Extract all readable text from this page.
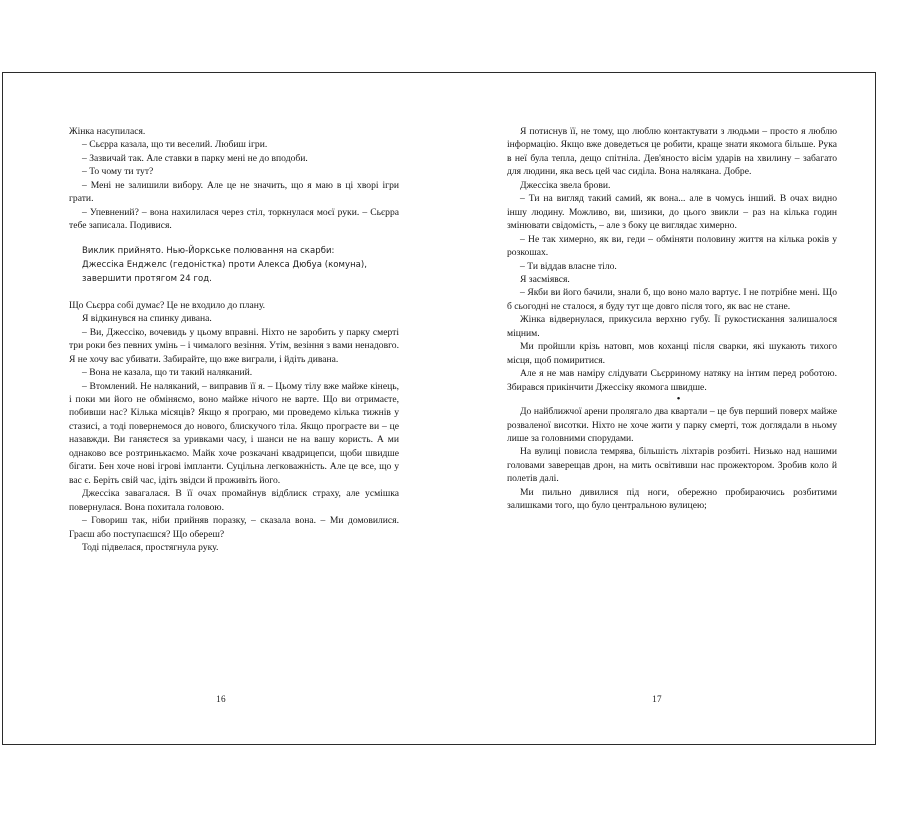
Жінка насупилася.

– Сьєрра казала, що ти веселий. Любиш ігри.

– Зазвичай так. Але ставки в парку мені не до вподоби.

– То чому ти тут?

– Мені не залишили вибору. Але це не значить, що я маю в ці хворі ігри грати.

– Упевнений? – вона нахилилася через стіл, торкнулася моєї руки. – Сьєрра тебе записала. Подивися.

Виклик прийнято. Нью-Йоркське полювання на скарби:
Джессіка Енджелс (гедоністка) проти Алекса Дюбуа (комуна),
завершити протягом 24 год.

Що Сьєрра собі думає? Це не входило до плану.

Я відкинувся на спинку дивана.

– Ви, Джессіко, вочевидь у цьому вправні. Ніхто не заробить у парку смерті три роки без певних умінь – і чималого везіння. Утім, везіння з вами ненадовго. Я не хочу вас убивати. Забирайте, що вже виграли, і йдіть дивана.

– Вона не казала, що ти такий наляканий.

– Втомлений. Не наляканий, – виправив її я. – Цьому тілу вже майже кінець, і поки ми його не обміняємо, воно майже нічого не варте. Що ви отримаєте, побивши нас? Кілька місяців? Якщо я програю, ми проведемо кілька тижнів у стазисі, а тоді повернемося до нового, блискучого тіла. Якщо програєте ви – це назавжди. Ви ганяєтеся за уривками часу, і шанси не на вашу користь. А ми однаково все розтринькаємо. Майк хоче розкачані квадрицепси, щоби швидше бігати. Бен хоче нові ігрові імпланти. Суцільна легковажність. Але це все, що у вас є. Беріть свій час, ідіть звідси й проживіть його.

Джессіка завагалася. В її очах промайнув відблиск страху, але усмішка повернулася. Вона похитала головою.

– Говориш так, ніби прийняв поразку, – сказала вона. – Ми домовилися. Граєш або поступаєшся? Що обереш?

Тоді підвелася, простягнула руку.

16

Я потиснув її, не тому, що люблю контактувати з людьми – просто я люблю інформацію. Якщо вже доведеться це робити, краще знати якомога більше. Рука в неї була тепла, дещо спітніла. Дев'яносто вісім ударів на хвилину – забагато для людини, яка весь цей час сиділа. Вона налякана. Добре.

Джессіка звела брови.

– Ти на вигляд такий самий, як вона... але в чомусь інший. В очах видно іншу людину. Можливо, ви, шизики, до цього звикли – раз на кілька годин змінювати свідомість, – але з боку це виглядає химерно.

– Не так химерно, як ви, геди – обміняти половину життя на кілька років у розкошах.

– Ти віддав власне тіло.

Я засміявся.

– Якби ви його бачили, знали б, що воно мало вартує. І не потрібне мені. Що б сьогодні не сталося, я буду тут ще довго після того, як вас не стане.

Жінка відвернулася, прикусила верхню губу. Її рукостискання залишалося міцним.

Ми пройшли крізь натовп, мов коханці після сварки, які шукають тихого місця, щоб помиритися.

Але я не мав наміру слідувати Сьєрриному натяку на інтим перед роботою. Збирався прикінчити Джессіку якомога швидше.

•

До найближчої арени пролягало два квартали – це був перший поверх майже розваленої висотки. Ніхто не хоче жити у парку смерті, тож доглядали в ньому лише за головними спорудами.

На вулиці повисла темрява, більшість ліхтарів розбиті. Низько над нашими головами заверещав дрон, на мить освітивши нас прожектором. Зробив коло й полетів далі.

Ми пильно дивилися під ноги, обережно пробираючись розбитими залишками того, що було центральною вулицею;

17
